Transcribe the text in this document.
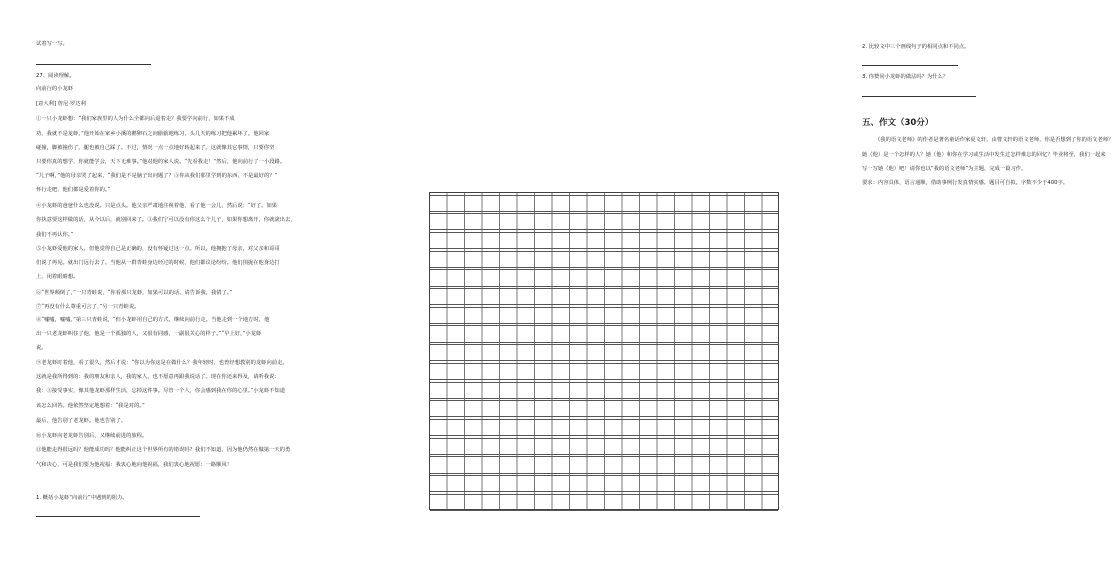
试着写一写。
27、阅读理解。
向前行的小龙虾
[意大利] 詹尼·罗达利
①一只小龙虾想：“我们家族里的人为什么全都向后退着走？我要学向前行，如果不成
功，我就不是龙虾。”他开始在家乡小溪的鹅卵石之间偷偷地练习，头几天的练习把他累坏了。他回家
碰撞，脚被撞伤了，腿也被自己踩了。不过，情况一点一点地好转起来了。这就像其它事情，只要你坚
只要你真的想学，你就能学会，天下无难事。”他对他的家人说。“先看我走！”然后，他向前行了一小段路。
“儿子啊，”他的母亲哭了起来，“我们是不是脑子出问题了？③你从我们那里学到的东西，不是最好的？”
怀行走吧，他们都是爱着你的。”
④小龙虾的爸爸什么也没说。只是点头。他父亲严肃地注视着他，看了他一会儿，然后说：“好了。如果
你执意要这样做的话，从今以后，就别回来了。③我们宁可以没有你这么个儿子，如果你想离开，你就滚出去，
我们不再认你。”
⑤小龙虾爱他的家人。但他觉得自己是正确的，没有怀疑过这一点。所以，他拥抱了母亲，对父亲和哥哥
们说了再见。就出门远行去了。当他从一群青蛙身边经过的时候，他们都议论纷纷。他们围拢在他身边打
上，闭着眼睛想。
⑥“世界颠倒了，”一只青蛙说，“你看那只龙虾，如果可以的话，请告诉我，我错了。”
⑦“再没有什么尊重可言了，”另一只青蛙说。
⑧“嘘嘘，嘘嘘。”第三只青蛙说，“但小龙虾用自己的方式，继续向前行走。当他走到一个地方时，他
出一只老龙虾叫住了他，他是一个孤独的人，又很有同感，一副很关心的样子。”“早上好，”小龙虾
说。
⑨老龙虾盯着他，看了很久，然后才说：“你以为你这是在做什么？我年轻时，也曾经想教别的龙虾向前走。
这就是我所得到的：我的朋友和亲人，我的家人，也不愿意再跟我说话了。现在你还来得及，请听我说：
我：③接受事实，像其他龙虾那样生活，忘掉这件事。尽管一个人，你会感到我在你的心里。”小龙虾不知道
该怎么回答。他依然坚定地想着：“我是对的。”
最后，他告别了老龙虾。他也告别了。
⑩小龙虾向老龙虾告别后，又继续前进的旅程。
⑪他能走得很远吗？他能成功吗？他能纠正这个世界所有的错误吗？我们不知道，因为他仍然在做第一天的勇
气和决心，可是我们要为他祝福：我衷心地向他祝福，我们衷心地祝愿：一路顺风！
1. 概括小龙虾“向前行”中遇到的阻力。
2. 比较文中三个画线句子的相同点和不同点。
3. 你赞同小龙虾的做法吗？为什么？
五、作文（30分）
《我的语文老师》的作者是著名童话作家夏文轩，由曹文轩的语文老师，你是否想到了你的语文老师？
她（他）是一个怎样的人？她（他）和你在学习或生活中发生过怎样难忘的回忆？毕业将至，我们一起来
写一写她（他）吧！请你也以“我的语文老师”为主题，完成一篇习作。
要求：内容具体，语言通顺，借助事例行发真情实感。题目可自拟，字数不少于400字。
